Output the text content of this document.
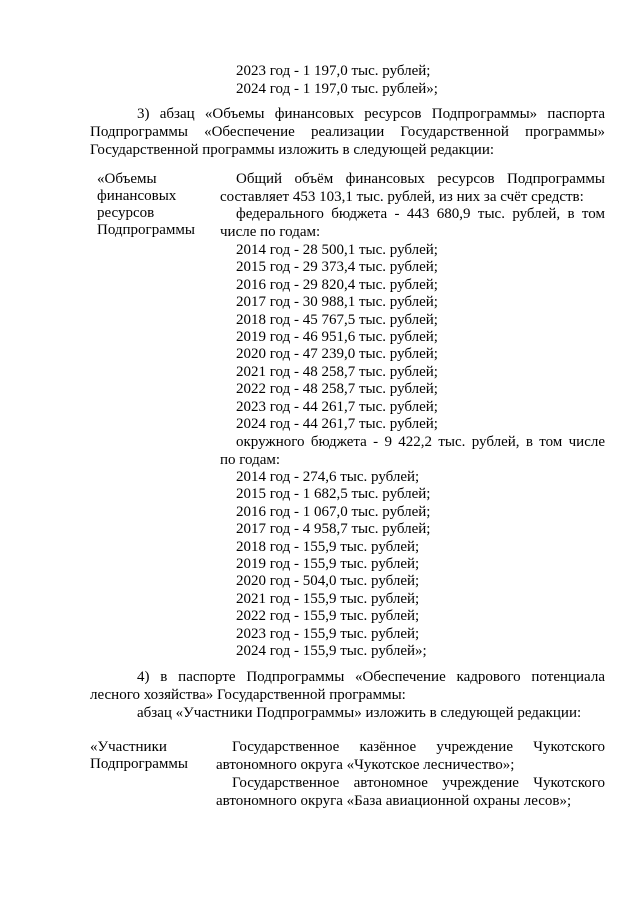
2023 год - 1 197,0 тыс. рублей;
2024 год - 1 197,0 тыс. рублей»;
3) абзац «Объемы финансовых ресурсов Подпрограммы» паспорта
Подпрограммы «Обеспечение реализации Государственной программы»
Государственной программы изложить в следующей редакции:
«Объемы
финансовых
ресурсов
Подпрограммы
Общий объём финансовых ресурсов Подпрограммы
составляет 453 103,1 тыс. рублей, из них за счёт средств:
федерального бюджета - 443 680,9 тыс. рублей, в том
числе по годам:
2014 год - 28 500,1 тыс. рублей;
2015 год - 29 373,4 тыс. рублей;
2016 год - 29 820,4 тыс. рублей;
2017 год - 30 988,1 тыс. рублей;
2018 год - 45 767,5 тыс. рублей;
2019 год - 46 951,6 тыс. рублей;
2020 год - 47 239,0 тыс. рублей;
2021 год - 48 258,7 тыс. рублей;
2022 год - 48 258,7 тыс. рублей;
2023 год - 44 261,7 тыс. рублей;
2024 год - 44 261,7 тыс. рублей;
окружного бюджета - 9 422,2 тыс. рублей, в том числе
по годам:
2014 год - 274,6 тыс. рублей;
2015 год - 1 682,5 тыс. рублей;
2016 год - 1 067,0 тыс. рублей;
2017 год - 4 958,7 тыс. рублей;
2018 год - 155,9 тыс. рублей;
2019 год - 155,9 тыс. рублей;
2020 год - 504,0 тыс. рублей;
2021 год - 155,9 тыс. рублей;
2022 год - 155,9 тыс. рублей;
2023 год - 155,9 тыс. рублей;
2024 год - 155,9 тыс. рублей»;
4) в паспорте Подпрограммы «Обеспечение кадрового потенциала
лесного хозяйства» Государственной программы:
абзац «Участники Подпрограммы» изложить в следующей редакции:
«Участники
Подпрограммы
Государственное казённое учреждение Чукотского
автономного округа «Чукотское лесничество»;
Государственное автономное учреждение Чукотского
автономного округа «База авиационной охраны лесов»;
